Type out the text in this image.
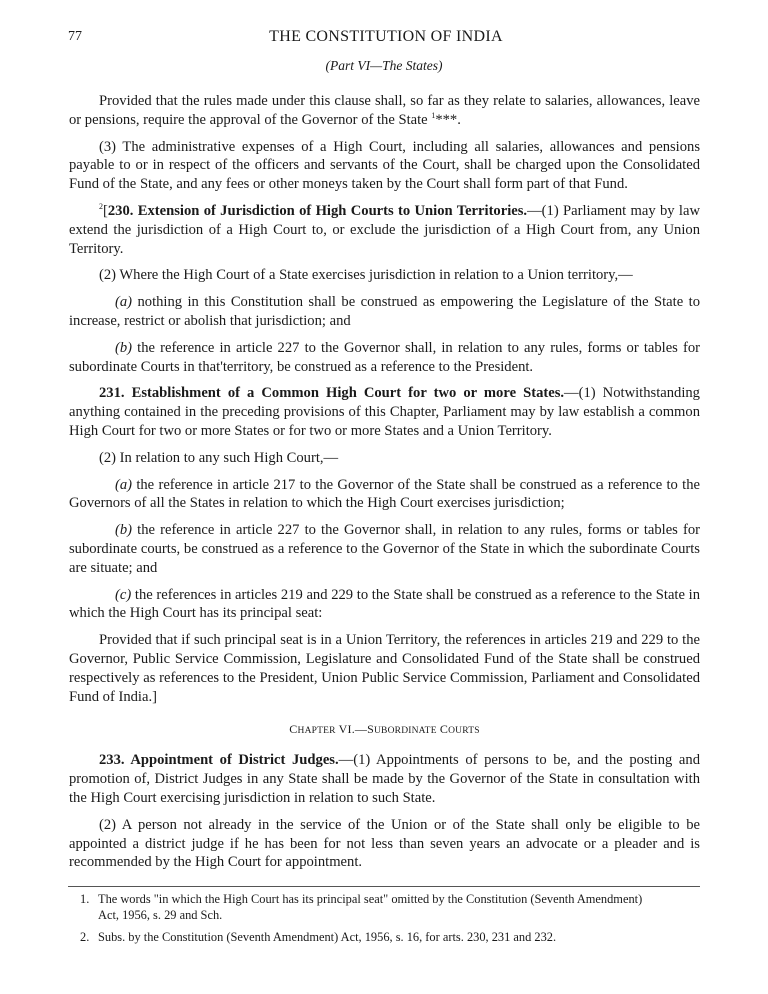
77	THE CONSTITUTION OF INDIA
(Part VI—The States)

Provided that the rules made under this clause shall, so far as they relate to salaries, allowances, leave or pensions, require the approval of the Governor of the State $^1$***.

(3) The administrative expenses of a High Court, including all salaries, allowances and pensions payable to or in respect of the officers and servants of the Court, shall be charged upon the Consolidated Fund of the State, and any fees or other moneys taken by the Court shall form part of that Fund.

$^2$[230. Extension of Jurisdiction of High Courts to Union Territories.—(1) Parliament may by law extend the jurisdiction of a High Court to, or exclude the jurisdiction of a High Court from, any Union Territory.

(2) Where the High Court of a State exercises jurisdiction in relation to a Union territory,—

(a) nothing in this Constitution shall be construed as empowering the Legislature of the State to increase, restrict or abolish that jurisdiction; and

(b) the reference in article 227 to the Governor shall, in relation to any rules, forms or tables for subordinate Courts in that'territory, be construed as a reference to the President.

231. Establishment of a Common High Court for two or more States.—(1) Notwithstanding anything contained in the preceding provisions of this Chapter, Parliament may by law establish a common High Court for two or more States or for two or more States and a Union Territory.

(2) In relation to any such High Court,—

(a) the reference in article 217 to the Governor of the State shall be construed as a reference to the Governors of all the States in relation to which the High Court exercises jurisdiction;

(b) the reference in article 227 to the Governor shall, in relation to any rules, forms or tables for subordinate courts, be construed as a reference to the Governor of the State in which the subordinate Courts are situate; and

(c) the references in articles 219 and 229 to the State shall be construed as a reference to the State in which the High Court has its principal seat:

Provided that if such principal seat is in a Union Territory, the references in articles 219 and 229 to the Governor, Public Service Commission, Legislature and Consolidated Fund of the State shall be construed respectively as references to the President, Union Public Service Commission, Parliament and Consolidated Fund of India.]

CHAPTER VI.—SUBORDINATE COURTS

233. Appointment of District Judges.—(1) Appointments of persons to be, and the posting and promotion of, District Judges in any State shall be made by the Governor of the State in consultation with the High Court exercising jurisdiction in relation to such State.

(2) A person not already in the service of the Union or of the State shall only be eligible to be appointed a district judge if he has been for not less than seven years an advocate or a pleader and is recommended by the High Court for appointment.

1. The words "in which the High Court has its principal seat" omitted by the Constitution (Seventh Amendment)
Act, 1956, s. 29 and Sch.
2. Subs. by the Constitution (Seventh Amendment) Act, 1956, s. 16, for arts. 230, 231 and 232.
